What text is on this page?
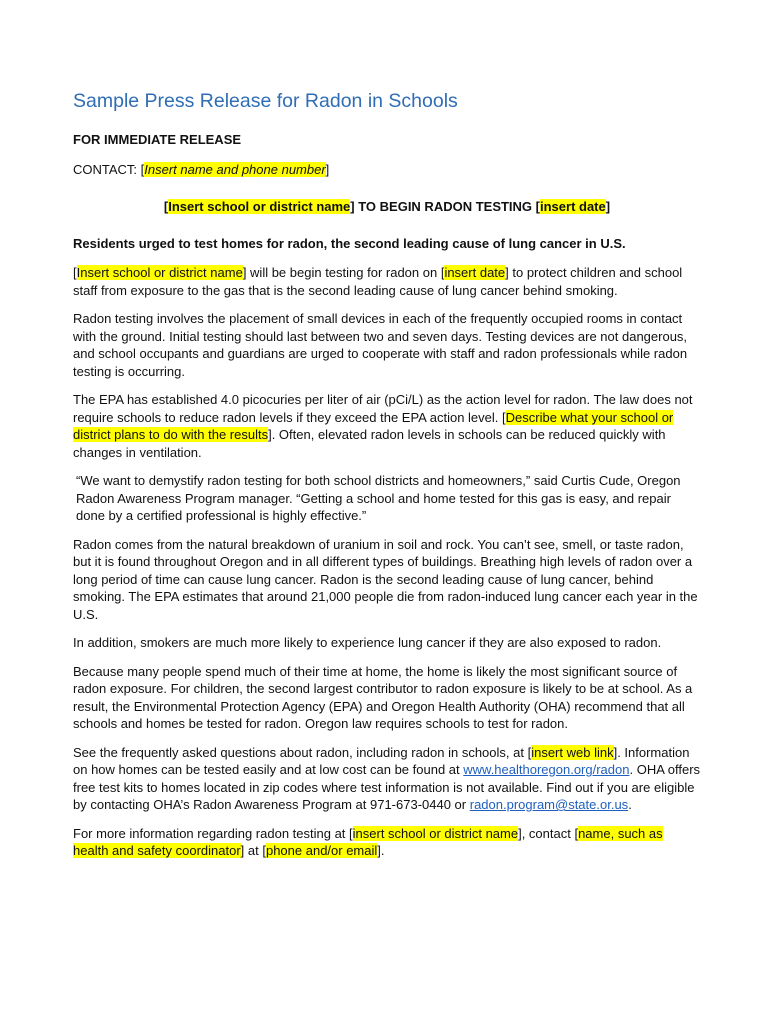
Sample Press Release for Radon in Schools
FOR IMMEDIATE RELEASE
CONTACT: [Insert name and phone number]
[Insert school or district name] TO BEGIN RADON TESTING [insert date]
Residents urged to test homes for radon, the second leading cause of lung cancer in U.S.
[Insert school or district name] will be begin testing for radon on [insert date] to protect children and school staff from exposure to the gas that is the second leading cause of lung cancer behind smoking.
Radon testing involves the placement of small devices in each of the frequently occupied rooms in contact with the ground. Initial testing should last between two and seven days. Testing devices are not dangerous, and school occupants and guardians are urged to cooperate with staff and radon professionals while radon testing is occurring.
The EPA has established 4.0 picocuries per liter of air (pCi/L) as the action level for radon. The law does not require schools to reduce radon levels if they exceed the EPA action level. [Describe what your school or district plans to do with the results]. Often, elevated radon levels in schools can be reduced quickly with changes in ventilation.
“We want to demystify radon testing for both school districts and homeowners,” said Curtis Cude, Oregon Radon Awareness Program manager. “Getting a school and home tested for this gas is easy, and repair done by a certified professional is highly effective.”
Radon comes from the natural breakdown of uranium in soil and rock. You can’t see, smell, or taste radon, but it is found throughout Oregon and in all different types of buildings. Breathing high levels of radon over a long period of time can cause lung cancer. Radon is the second leading cause of lung cancer, behind smoking. The EPA estimates that around 21,000 people die from radon-induced lung cancer each year in the U.S.
In addition, smokers are much more likely to experience lung cancer if they are also exposed to radon.
Because many people spend much of their time at home, the home is likely the most significant source of radon exposure. For children, the second largest contributor to radon exposure is likely to be at school. As a result, the Environmental Protection Agency (EPA) and Oregon Health Authority (OHA) recommend that all schools and homes be tested for radon. Oregon law requires schools to test for radon.
See the frequently asked questions about radon, including radon in schools, at [insert web link]. Information on how homes can be tested easily and at low cost can be found at www.healthoregon.org/radon. OHA offers free test kits to homes located in zip codes where test information is not available. Find out if you are eligible by contacting OHA’s Radon Awareness Program at 971-673-0440 or radon.program@state.or.us.
For more information regarding radon testing at [insert school or district name], contact [name, such as health and safety coordinator] at [phone and/or email].
